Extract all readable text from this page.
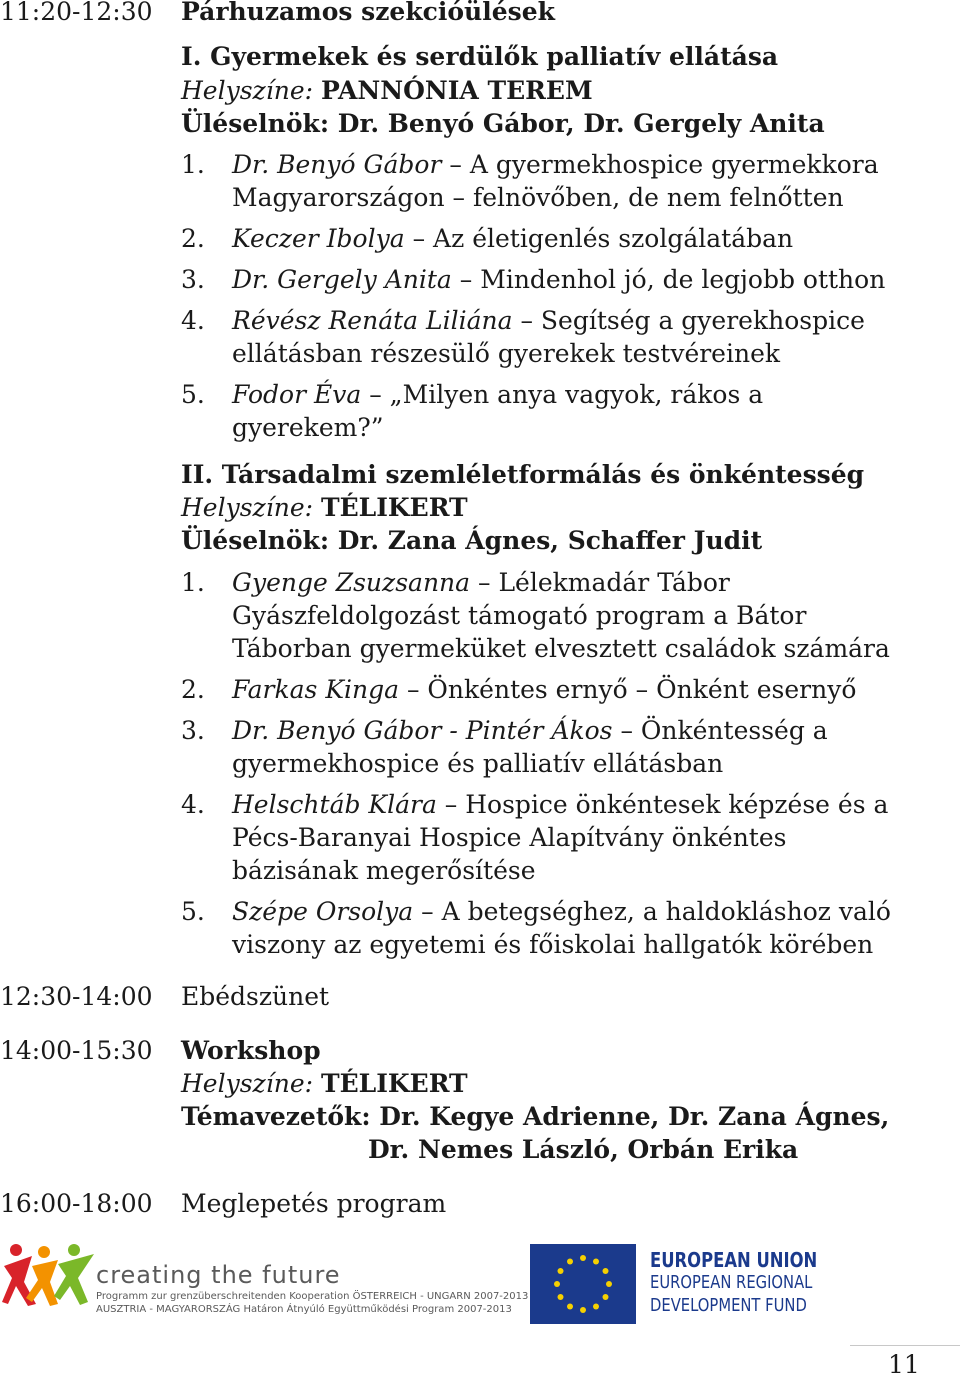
11:20-12:30 Párhuzamos szekcióülések
I. Gyermekek és serdülők palliatív ellátása
Helyszíne: PANNÓNIA TEREM
Üléselnök: Dr. Benyó Gábor, Dr. Gergely Anita
1. Dr. Benyó Gábor – A gyermekhospice gyermekkora
Magyarországon – felnövőben, de nem felnőtten
2. Keczer Ibolya – Az életigenlés szolgálatában
3. Dr. Gergely Anita – Mindenhol jó, de legjobb otthon
4. Révész Renáta Liliána – Segítség a gyerekhospice
ellátásban részesülő gyerekek testvéreinek
5. Fodor Éva – „Milyen anya vagyok, rákos a
gyerekem?”
II. Társadalmi szemléletformálás és önkéntesség
Helyszíne: TÉLIKERT
Üléselnök: Dr. Zana Ágnes, Schaffer Judit
1. Gyenge Zsuzsanna – Lélekmadár Tábor
Gyászfeldolgozást támogató program a Bátor
Táborban gyermeküket elvesztett családok számára
2. Farkas Kinga – Önkéntes ernyő – Önként esernyő
3. Dr. Benyó Gábor - Pintér Ákos – Önkéntesség a
gyermekhospice és palliatív ellátásban
4. Helschtáb Klára – Hospice önkéntesek képzése és a
Pécs-Baranyai Hospice Alapítvány önkéntes
bázisának megerősítése
5. Szépe Orsolya – A betegséghez, a haldokláshoz való
viszony az egyetemi és főiskolai hallgatók körében
12:30-14:00 Ebédszünet
14:00-15:30 Workshop
Helyszíne: TÉLIKERT
Témavezetők: Dr. Kegye Adrienne, Dr. Zana Ágnes,
Dr. Nemes László, Orbán Erika
16:00-18:00 Meglepetés program
creating the future
Programm zur grenzüberschreitenden Kooperation ÖSTERREICH - UNGARN 2007-2013
AUSZTRIA - MAGYARORSZÁG Határon Átnyúló Együttműködési Program 2007-2013
EUROPEAN UNION
EUROPEAN REGIONAL
DEVELOPMENT FUND
11
